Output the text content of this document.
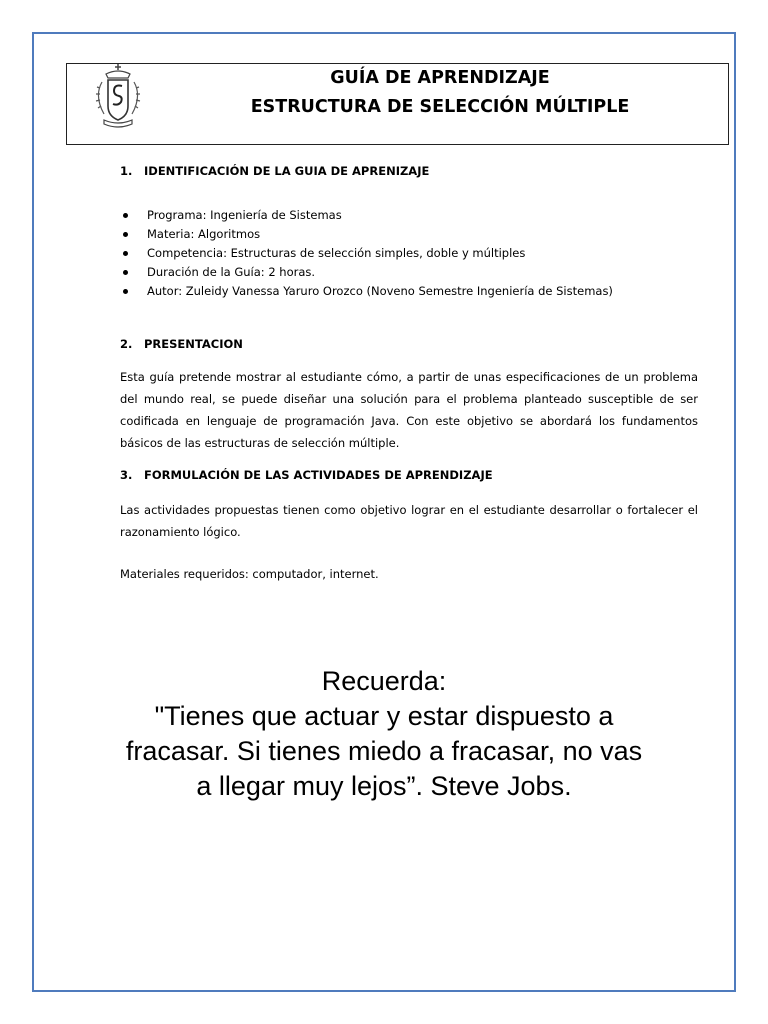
GUÍA DE APRENDIZAJE
ESTRUCTURA DE SELECCIÓN MÚLTIPLE
1.	IDENTIFICACIÓN DE LA GUIA DE APRENIZAJE
Programa: Ingeniería de Sistemas
Materia: Algoritmos
Competencia: Estructuras de selección simples, doble y múltiples
Duración de la Guía: 2 horas.
Autor: Zuleidy Vanessa Yaruro Orozco (Noveno Semestre Ingeniería de Sistemas)
2.	PRESENTACION

Esta guía pretende mostrar al estudiante cómo, a partir de unas especificaciones de un problema del mundo real, se puede diseñar una solución para el problema planteado susceptible de ser codificada en lenguaje de programación Java. Con este objetivo se abordará los fundamentos básicos de las estructuras de selección múltiple.

3.	FORMULACIÓN DE LAS ACTIVIDADES DE APRENDIZAJE

Las actividades propuestas tienen como objetivo lograr en el estudiante desarrollar o fortalecer el razonamiento lógico.

Materiales requeridos: computador, internet.

Recuerda:
"Tienes que actuar y estar dispuesto a
fracasar. Si tienes miedo a fracasar, no vas
a llegar muy lejos”. Steve Jobs.
